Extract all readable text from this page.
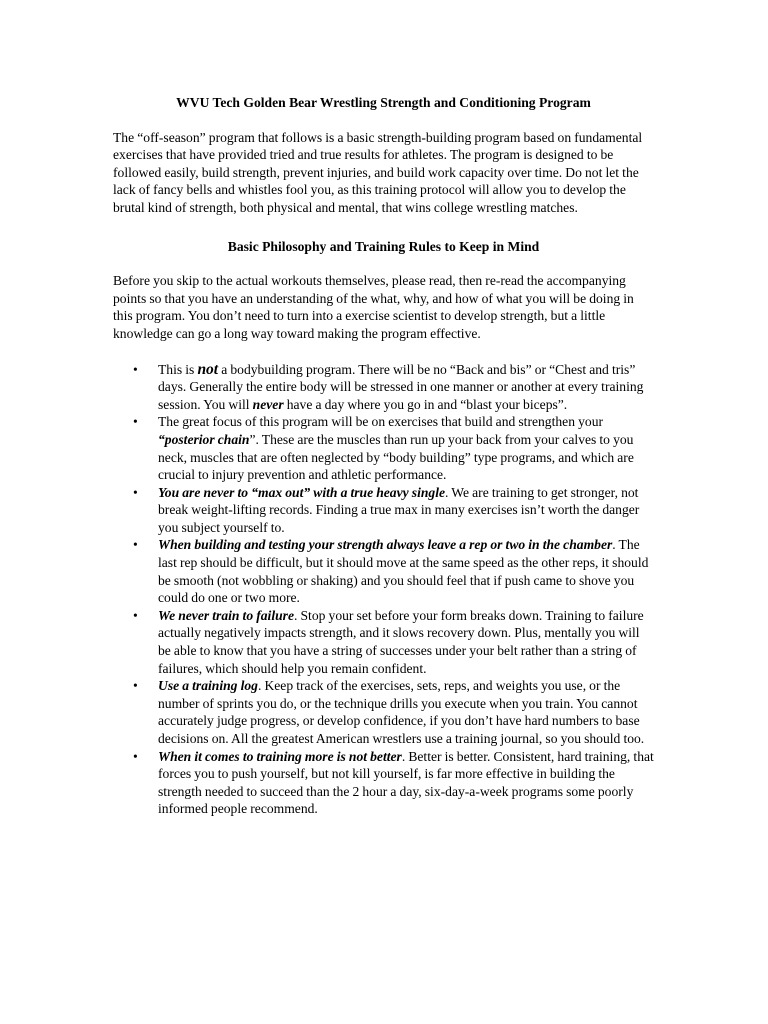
WVU Tech Golden Bear Wrestling Strength and Conditioning Program
The “off-season” program that follows is a basic strength-building program based on fundamental exercises that have provided tried and true results for athletes. The program is designed to be followed easily, build strength, prevent injuries, and build work capacity over time. Do not let the lack of fancy bells and whistles fool you, as this training protocol will allow you to develop the brutal kind of strength, both physical and mental, that wins college wrestling matches.
Basic Philosophy and Training Rules to Keep in Mind
Before you skip to the actual workouts themselves, please read, then re-read the accompanying points so that you have an understanding of the what, why, and how of what you will be doing in this program. You don’t need to turn into a exercise scientist to develop strength, but a little knowledge can go a long way toward making the program effective.
• This is not a bodybuilding program. There will be no “Back and bis” or “Chest and tris” days. Generally the entire body will be stressed in one manner or another at every training session. You will never have a day where you go in and “blast your biceps”.
• The great focus of this program will be on exercises that build and strengthen your “posterior chain”. These are the muscles than run up your back from your calves to you neck, muscles that are often neglected by “body building” type programs, and which are crucial to injury prevention and athletic performance.
• You are never to “max out” with a true heavy single. We are training to get stronger, not break weight-lifting records. Finding a true max in many exercises isn’t worth the danger you subject yourself to.
• When building and testing your strength always leave a rep or two in the chamber. The last rep should be difficult, but it should move at the same speed as the other reps, it should be smooth (not wobbling or shaking) and you should feel that if push came to shove you could do one or two more.
• We never train to failure. Stop your set before your form breaks down. Training to failure actually negatively impacts strength, and it slows recovery down. Plus, mentally you will be able to know that you have a string of successes under your belt rather than a string of failures, which should help you remain confident.
• Use a training log. Keep track of the exercises, sets, reps, and weights you use, or the number of sprints you do, or the technique drills you execute when you train. You cannot accurately judge progress, or develop confidence, if you don’t have hard numbers to base decisions on. All the greatest American wrestlers use a training journal, so you should too.
• When it comes to training more is not better. Better is better. Consistent, hard training, that forces you to push yourself, but not kill yourself, is far more effective in building the strength needed to succeed than the 2 hour a day, six-day-a-week programs some poorly informed people recommend.
